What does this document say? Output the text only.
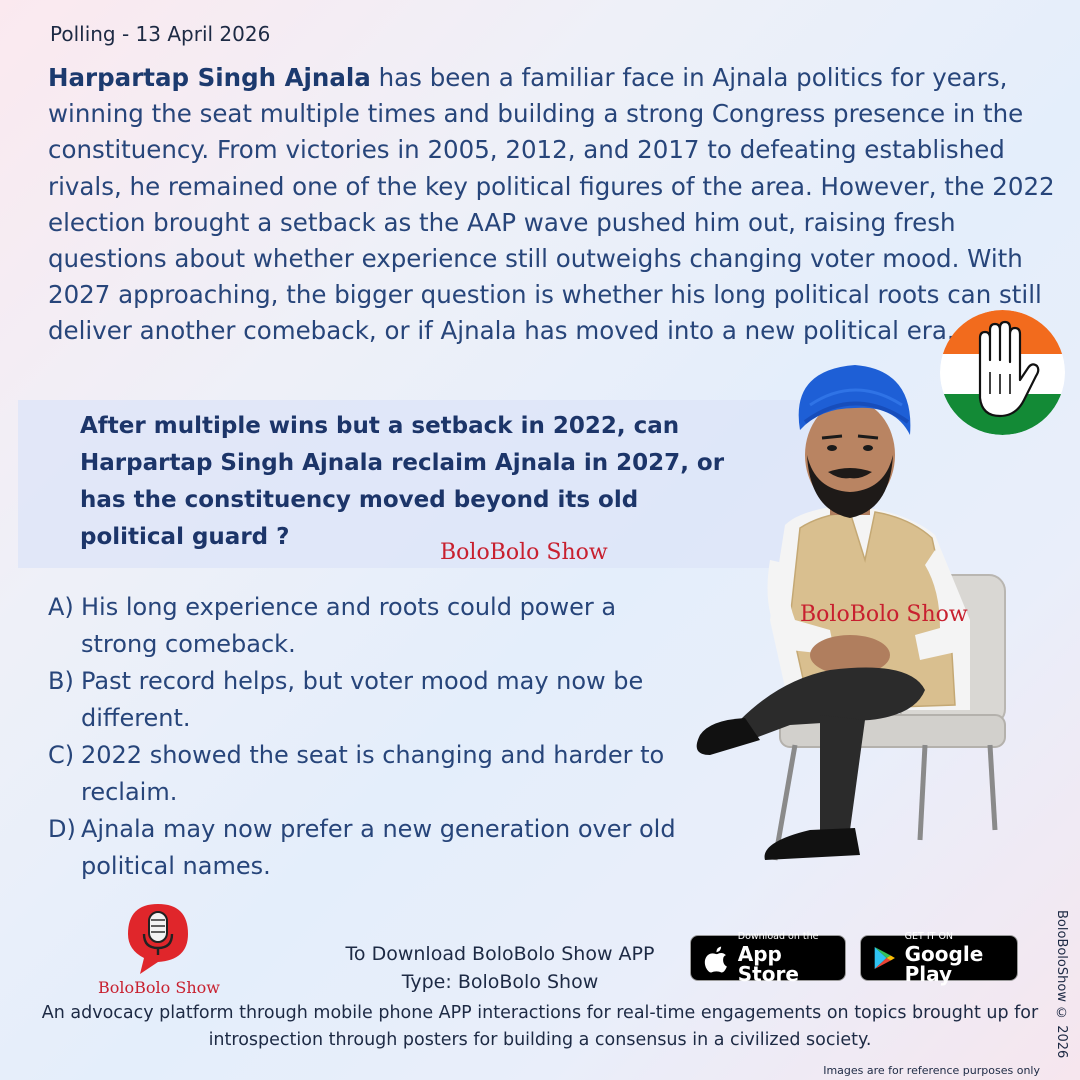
Polling - 13 April 2026

Harpartap Singh Ajnala has been a familiar face in Ajnala politics for years, winning the seat multiple times and building a strong Congress presence in the constituency. From victories in 2005, 2012, and 2017 to defeating established rivals, he remained one of the key political figures of the area. However, the 2022 election brought a setback as the AAP wave pushed him out, raising fresh questions about whether experience still outweighs changing voter mood. With 2027 approaching, the bigger question is whether his long political roots can still deliver another comeback, or if Ajnala has moved into a new political era.

After multiple wins but a setback in 2022, can Harpartap Singh Ajnala reclaim Ajnala in 2027, or has the constituency moved beyond its old political guard ?

BoloBolo Show
BoloBolo Show
A) His long experience and roots could power a strong comeback.
B) Past record helps, but voter mood may now be different.
C) 2022 showed the seat is changing and harder to reclaim.
D) Ajnala may now prefer a new generation over old political names.
BoloBolo Show
To Download BoloBolo Show APP
Type: BoloBolo Show
Download on the
App Store
GET IT ON
Google Play

An advocacy platform through mobile phone APP interactions for real-time engagements on topics brought up for introspection through posters for building a consensus in a civilized society.	BoloBoloShow © 2026
Images are for reference purposes only
